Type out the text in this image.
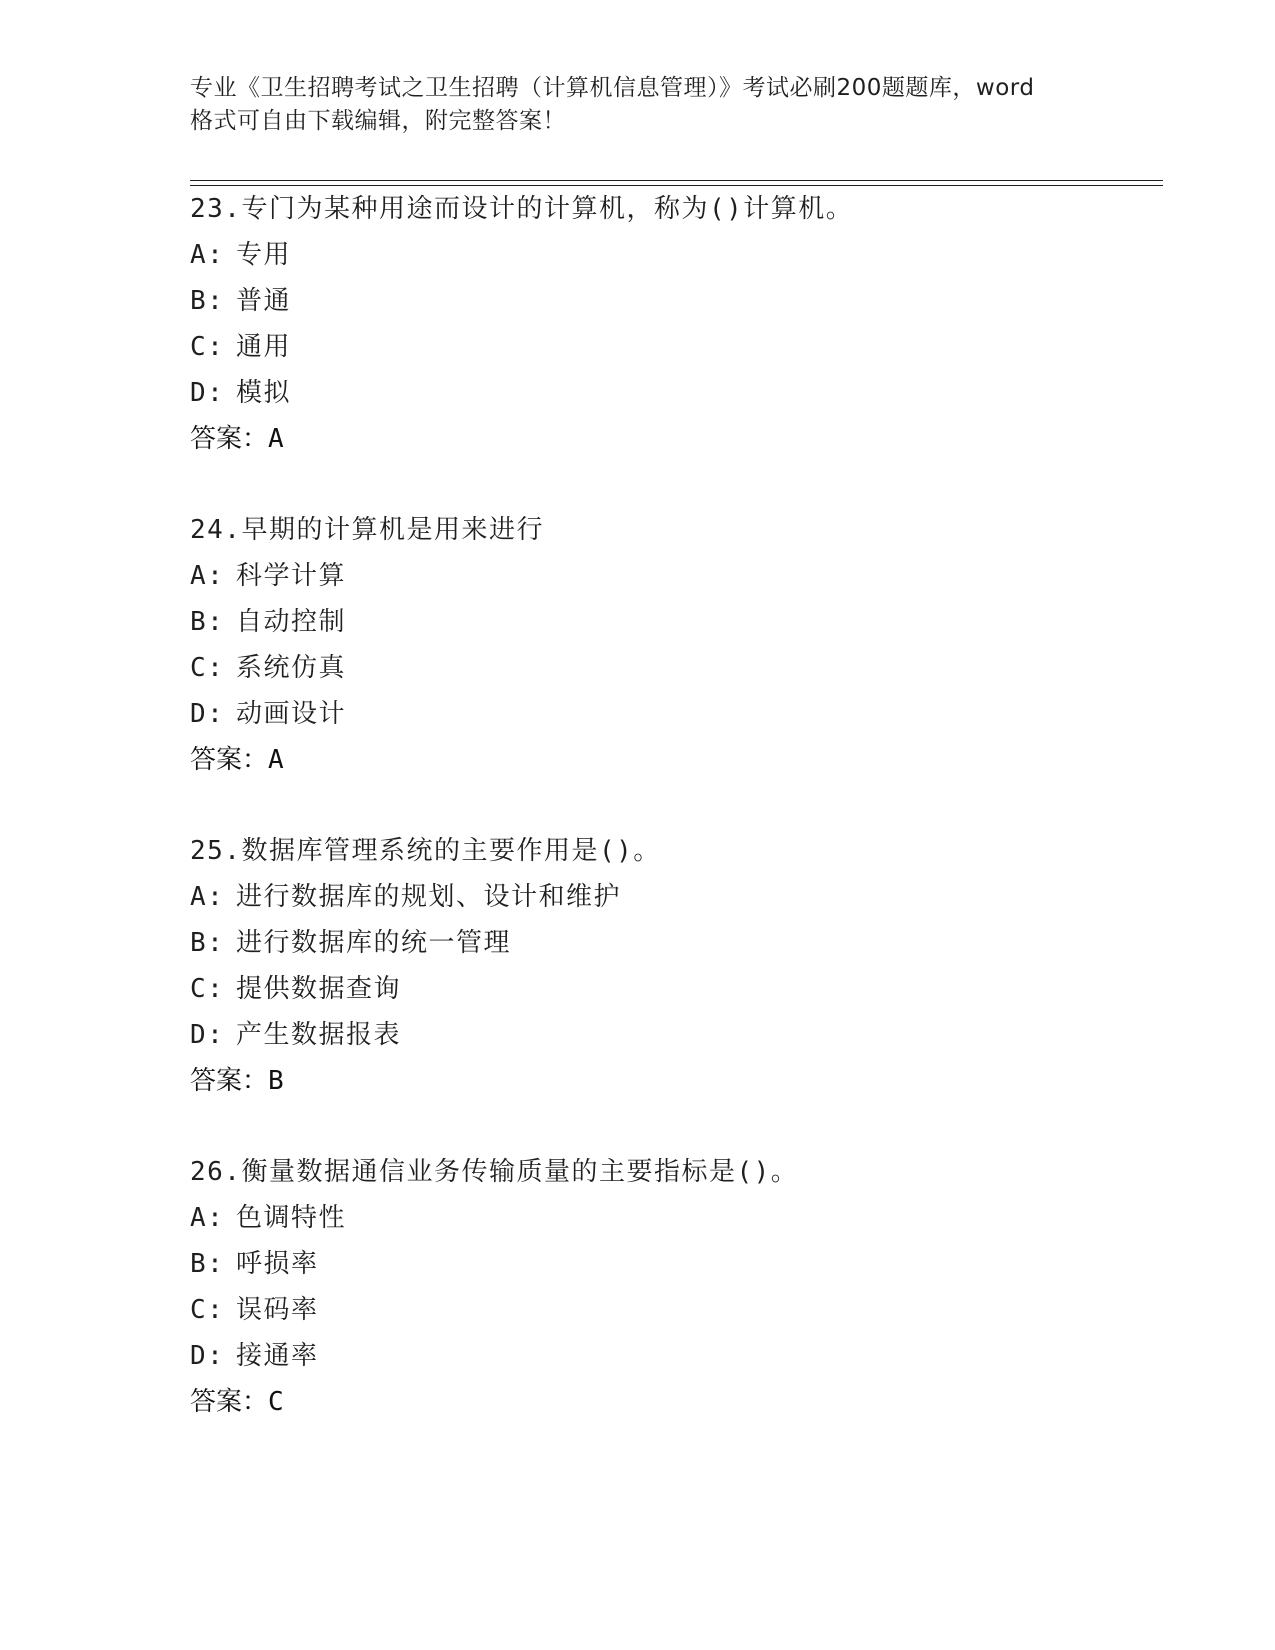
专业《卫生招聘考试之卫生招聘（计算机信息管理）》考试必刷200题题库，word

格式可自由下载编辑，附完整答案！

23.专门为某种用途而设计的计算机，称为()计算机。
A: 专用
B: 普通
C: 通用
D: 模拟
答案：A
24.早期的计算机是用来进行
A: 科学计算
B: 自动控制
C: 系统仿真
D: 动画设计
答案：A
25.数据库管理系统的主要作用是()。
A: 进行数据库的规划、设计和维护
B: 进行数据库的统一管理
C: 提供数据查询
D: 产生数据报表
答案：B
26.衡量数据通信业务传输质量的主要指标是()。
A: 色调特性
B: 呼损率
C: 误码率
D: 接通率
答案：C
